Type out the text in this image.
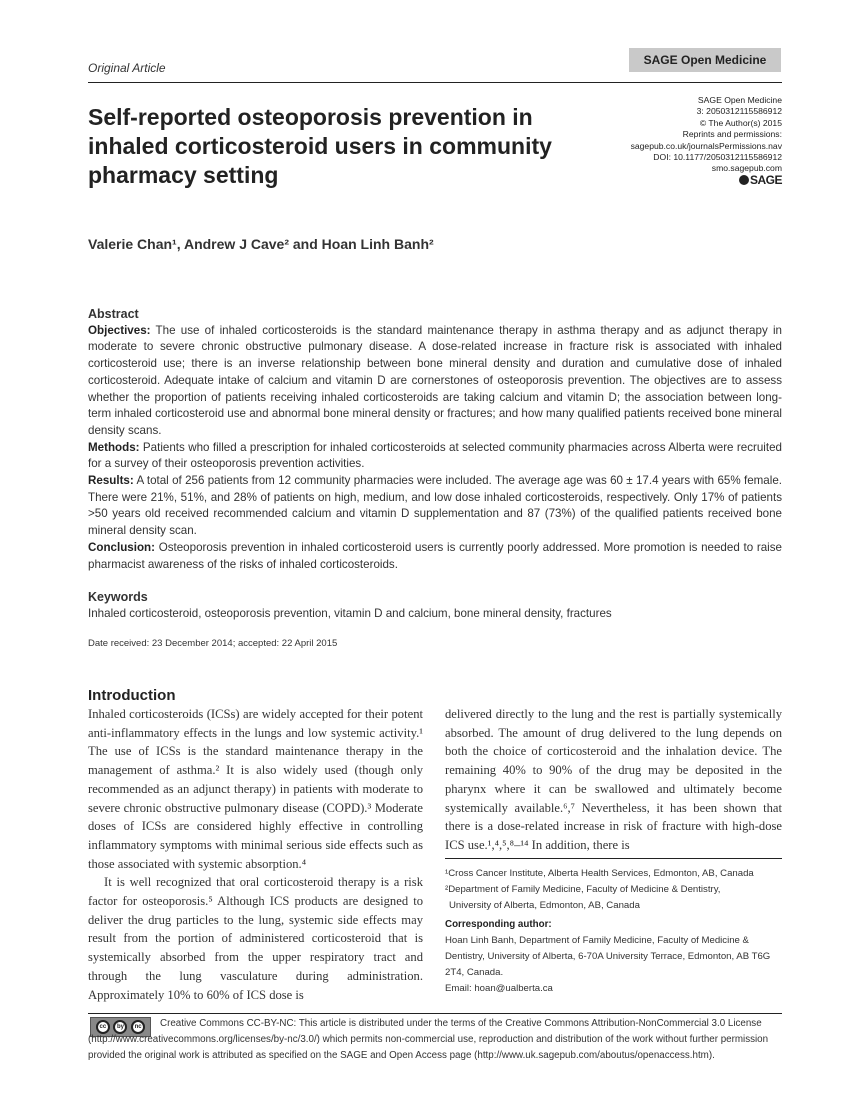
Original Article
SAGE Open Medicine
SAGE Open Medicine
3: 2050312115586912
© The Author(s) 2015
Reprints and permissions:
sagepub.co.uk/journalsPermissions.nav
DOI: 10.1177/2050312115586912
smo.sagepub.com
SAGE
Self-reported osteoporosis prevention in inhaled corticosteroid users in community pharmacy setting
Valerie Chan¹, Andrew J Cave² and Hoan Linh Banh²
Abstract
Objectives: The use of inhaled corticosteroids is the standard maintenance therapy in asthma therapy and as adjunct therapy in moderate to severe chronic obstructive pulmonary disease. A dose-related increase in fracture risk is associated with inhaled corticosteroid use; there is an inverse relationship between bone mineral density and duration and cumulative dose of inhaled corticosteroid. Adequate intake of calcium and vitamin D are cornerstones of osteoporosis prevention. The objectives are to assess whether the proportion of patients receiving inhaled corticosteroids are taking calcium and vitamin D; the association between long-term inhaled corticosteroid use and abnormal bone mineral density or fractures; and how many qualified patients received bone mineral density scans.
Methods: Patients who filled a prescription for inhaled corticosteroids at selected community pharmacies across Alberta were recruited for a survey of their osteoporosis prevention activities.
Results: A total of 256 patients from 12 community pharmacies were included. The average age was 60 ± 17.4 years with 65% female. There were 21%, 51%, and 28% of patients on high, medium, and low dose inhaled corticosteroids, respectively. Only 17% of patients >50 years old received recommended calcium and vitamin D supplementation and 87 (73%) of the qualified patients received bone mineral density scan.
Conclusion: Osteoporosis prevention in inhaled corticosteroid users is currently poorly addressed. More promotion is needed to raise pharmacist awareness of the risks of inhaled corticosteroids.
Keywords
Inhaled corticosteroid, osteoporosis prevention, vitamin D and calcium, bone mineral density, fractures
Date received: 23 December 2014; accepted: 22 April 2015
Introduction

Inhaled corticosteroids (ICSs) are widely accepted for their potent anti-inflammatory effects in the lungs and low systemic activity.¹ The use of ICSs is the standard maintenance therapy in the management of asthma.² It is also widely used (though only recommended as an adjunct therapy) in patients with moderate to severe chronic obstructive pulmonary disease (COPD).³ Moderate doses of ICSs are considered highly effective in controlling inflammatory symptoms with minimal serious side effects such as those associated with systemic absorption.⁴

It is well recognized that oral corticosteroid therapy is a risk factor for osteoporosis.⁵ Although ICS products are designed to deliver the drug particles to the lung, systemic side effects may result from the portion of administered corticosteroid that is systemically absorbed from the upper respiratory tract and through the lung vasculature during administration. Approximately 10% to 60% of ICS dose is

delivered directly to the lung and the rest is partially systemically absorbed. The amount of drug delivered to the lung depends on both the choice of corticosteroid and the inhalation device. The remaining 40% to 90% of the drug may be deposited in the pharynx where it can be swallowed and ultimately become systemically available.⁶,⁷ Nevertheless, it has been shown that there is a dose-related increase in risk of fracture with high-dose ICS use.¹,⁴,⁵,⁸–¹⁴ In addition, there is

¹Cross Cancer Institute, Alberta Health Services, Edmonton, AB, Canada
²Department of Family Medicine, Faculty of Medicine & Dentistry,
University of Alberta, Edmonton, AB, Canada
Corresponding author:
Hoan Linh Banh, Department of Family Medicine, Faculty of Medicine & Dentistry, University of Alberta, 6-70A University Terrace, Edmonton, AB T6G 2T4, Canada.
Email: hoan@ualberta.ca
cc	by	nc	Creative Commons CC-BY-NC: This article is distributed under the terms of the Creative Commons Attribution-NonCommercial 3.0 License (http://www.creativecommons.org/licenses/by-nc/3.0/) which permits non-commercial use, reproduction and distribution of the work without further permission provided the original work is attributed as specified on the SAGE and Open Access page (http://www.uk.sagepub.com/aboutus/openaccess.htm).
